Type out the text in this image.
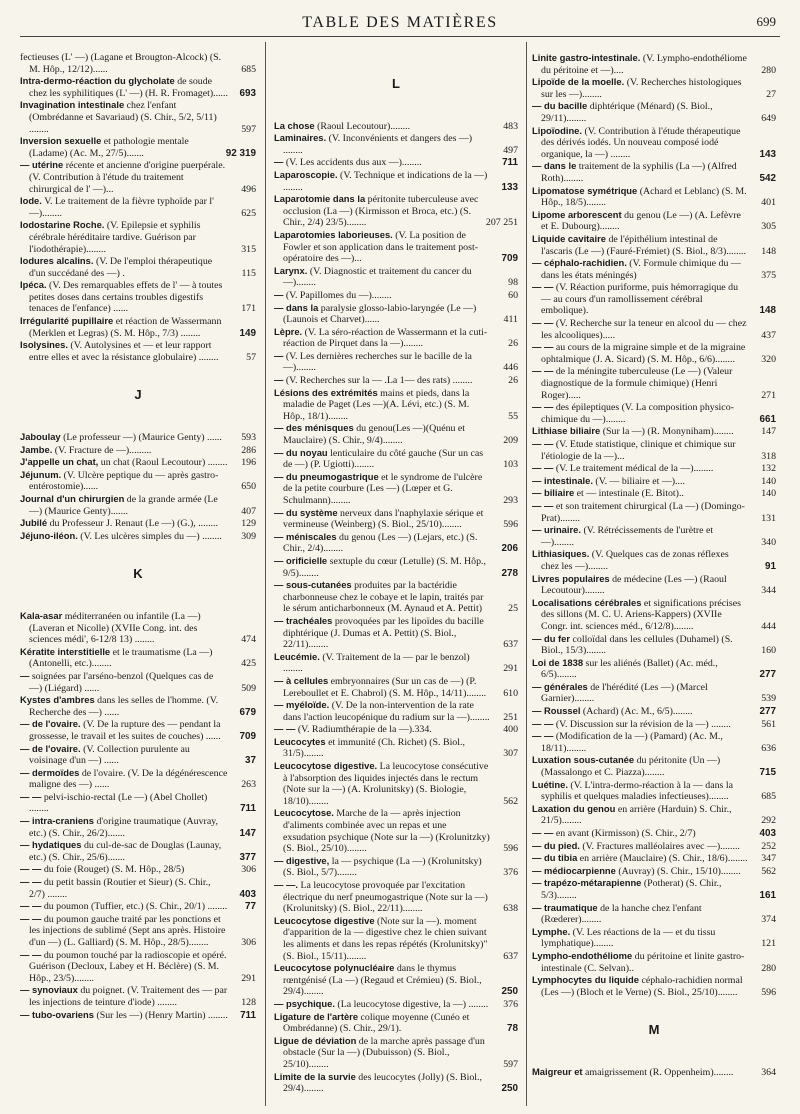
TABLE DES MATIÈRES	699
fectieuses (L' —) (Lagane et Brougton-Alcock) (S. M. Hôp., 12/12)......	685
Intra-dermo-réaction du glycholate de soude chez les syphilitiques (L' —) (H. R. Fromaget)...... 693
Invagination intestinale chez l'enfant (Ombrédanne et Savariaud) (S. Chir., 5/2, 5/11) ........	597
Inversion sexuelle et pathologie mentale (Ladame) (Ac. M., 27/5).......	92 319
— utérine récente et ancienne d'origine puerpérale. (V. Contribution à l'étude du traitement chirurgical de l' —)...	496
Iode. V. Le traitement de la fièvre typhoïde par l' —)........	625
Iodostarine Roche. (V. Epilepsie et syphilis cérébrale héréditaire tardive. Guérison par l'iodothérapie)........	315
Iodures alcalins. (V. De l'emploi thérapeutique d'un succédané des —) .	115
Ipéca. (V. Des remarquables effets de l' — à toutes petites doses dans certains troubles digestifs tenaces de l'enfance) ......	171
Irrégularité pupillaire et réaction de Wassermann (Merklen et Legras) (S. M. Hôp., 7/3) ........	149
Isolysines. (V. Autolysines et — et leur rapport entre elles et avec la résistance globulaire) ........	57
J
Jaboulay (Le professeur —) (Maurice Genty) ......	593
Jambe. (V. Fracture de —).........	286
J'appelle un chat, un chat (Raoul Lecoutour) ........ 196
Jéjunum. (V. Ulcère peptique du — après gastro-entérostomie)......	650
Journal d'un chirurgien de la grande armée (Le —) (Maurice Genty).......	407
Jubilé du Professeur J. Renaut (Le —) (G.), ........	129
Jéjuno-iléon. (V. Les ulcères simples du —) ........	309
K
Kala-asar méditerranéen ou infantile (La —) (Laveran et Nicolle) (XVIIe Cong. int. des sciences médi', 6-12/8 13) ........	474
Kératite interstitielle et le traumatisme (La —) (Antonelli, etc.)........	425
— soignées par l'arséno-benzol (Quelques cas de —) (Liégard) ......	509
Kystes d'ambres dans les selles de l'homme. (V. Recherche des —) ......	679
— de l'ovaire. (V. De la rupture des — pendant la grossesse, le travail et les suites de couches) ......	709
— de l'ovaire. (V. Collection purulente au voisinage d'un —) ......	37
— dermoïdes de l'ovaire. (V. De la dégénérescence maligne des —) ......	263
— — pelvi-ischio-rectal (Le —) (Abel Chollet) ........	711
— intra-craniens d'origine traumatique (Auvray, etc.) (S. Chir., 26/2).......	147
— hydatiques du cul-de-sac de Douglas (Launay, etc.) (S. Chir., 25/6).......	377
— — du foie (Rouget) (S. M. Hôp., 28/5)	306
— — du petit bassin (Routier et Sieur) (S. Chir., 2/7) ........	403
— — du poumon (Tuffier, etc.) (S. Chir., 20/1) ........ 77
— — du poumon gauche traité par les ponctions et les injections de sublimé (Sept ans après. Histoire d'un —) (L. Galliard) (S. M. Hôp., 28/5)........	306
— — du poumon touché par la radioscopie et opéré. Guérison (Decloux, Labey et H. Béclère) (S. M. Hôp., 23/5)........	291
— synoviaux du poignet. (V. Traitement des — par les injections de teinture d'iode) ........	128
— tubo-ovariens (Sur les —) (Henry Martin) ........ 711
L
La chose (Raoul Lecoutour)........	483
Laminaires. (V. Inconvénients et dangers des —) ........	497
— (V. Les accidents dus aux —)........	711
Laparoscopie. (V. Technique et indications de la —) ........	133
Laparotomie dans la péritonite tuberculeuse avec occlusion (La —) (Kirmisson et Broca, etc.) (S. Chir., 2/4) 23/5)........	207 251
Laparotomies laborieuses. (V. La position de Fowler et son application dans le traitement post-opératoire des —)...	709
Larynx. (V. Diagnostic et traitement du cancer du —)........	98
— (V. Papillomes du —)........	60
— dans la paralysie glosso-labio-laryngée (Le —) (Launois et Charvet)......	411
Lèpre. (V. La séro-réaction de Wassermann et la cuti-réaction de Pirquet dans la —)........	26
— (V. Les dernières recherches sur le bacille de la —)........	446
— (V. Recherches sur la — .La 1— des rats) ........	26
Lésions des extrémités mains et pieds, dans la maladie de Paget (Les —)(A. Lévi, etc.) (S. M. Hôp., 18/1)........	55
— des ménisques du genou(Les —)(Quénu et Mauclaire) (S. Chir., 9/4)........	209
— du noyau lenticulaire du côté gauche (Sur un cas de —) (P. Ugiotti)........	103
— du pneumogastrique et le syndrome de l'ulcère de la petite courbure (Les —) (Lœper et G. Schulmann)........	293
— du système nerveux dans l'naphylaxie sérique et vermineuse (Weinberg) (S. Biol., 25/10)........	596
— méniscales du genou (Les —) (Lejars, etc.) (S. Chir., 2/4)........	206
— orificielle sextuple du cœur (Letulle) (S. M. Hôp., 9/5)........	278
— sous-cutanées produites par la bactéridie charbonneuse chez le cobaye et le lapin, traités par le sérum anticharbonneux (M. Aynaud et A. Pettit)	25
— trachéales provoquées par les lipoïdes du bacille diphtérique (J. Dumas et A. Pettit) (S. Biol., 22/11)........	637
Leucémie. (V. Traitement de la — par le benzol) ........	291
— à cellules embryonnaires (Sur un cas de —) (P. Lereboullet et E. Chabrol) (S. M. Hôp., 14/11)........	610
— myéloïde. (V. De la non-intervention de la rate dans l'action leucopénique du radium sur la —)........ 251
— — (V. Radiumthérapie de la —).334.	400
Leucocytes et immunité (Ch. Richet) (S. Biol., 31/5)........	307
Leucocytose digestive. La leucocytose consécutive à l'absorption des liquides injectés dans le rectum (Note sur la —) (A. Krolunitsky) (S. Biologie, 18/10)........	562
Leucocytose. Marche de la — après injection d'aliments combinée avec un repas et une exsudation psychique (Note sur la —) (Krolunitzky) (S. Biol., 25/10)........	596
— digestive, la — psychique (La —) (Krolunitsky) (S. Biol., 5/7)........	376
— —. La leucocytose provoquée par l'excitation électrique du nerf pneumogastrique (Note sur la —) (Krolunitsky) (S. Biol., 22/11)........	638
Leucocytose digestive (Note sur la —). moment d'apparition de la — digestive chez le chien suivant les aliments et dans les repas répétés (Krolunitsky)"(S. Biol., 15/11)........	637
Leucocytose polynucléaire dans le thymus rœntgénisé (La —) (Regaud et Crémieu) (S. Biol., 29/4)........	250
— psychique. (La leucocytose digestive, la —) ........ 376
Ligature de l'artère colique moyenne (Cunéo et Ombrédanne) (S. Chir., 29/1).	78
Ligue de déviation de la marche après passage d'un obstacle (Sur la —) (Dubuisson) (S. Biol., 25/10)........	597
Limite de la survie des leucocytes (Jolly) (S. Biol., 29/4)........	250
Linite gastro-intestinale. (V. Lympho-endothéliome du péritoine et —)....	280
Lipoïde de la moelle. (V. Recherches histologiques sur les —)........	27
— du bacille diphtérique (Ménard) (S. Biol., 29/11)........	649
Lipoïodine. (V. Contribution à l'étude thérapeutique des dérivés iodés. Un nouveau composé iodé organique, la —) ........	143
— dans le traitement de la syphilis (La —) (Alfred Roth)........	542
Lipomatose symétrique (Achard et Leblanc) (S. M. Hôp., 18/5)........	401
Lipome arborescent du genou (Le —) (A. Lefèvre et E. Dubourg)........	305
Liquide cavitaire de l'épithélium intestinal de l'ascaris (Le —) (Fauré-Frémiet) (S. Biol., 8/3)........ 148
— céphalo-rachidien. (V. Formule chimique du — dans les états méningés)	375
— — (V. Réaction puriforme, puis hémorragique du — au cours d'un ramollissement cérébral embolique).	148
— — (V. Recherche sur la teneur en alcool du — chez les alcooliques).....	437
— — au cours de la migraine simple et de la migraine ophtalmique (J. A. Sicard) (S. M. Hôp., 6/6)........	320
— — de la méningite tuberculeuse (Le —) (Valeur diagnostique de la formule chimique) (Henri Roger).....	271
— — des épileptiques (V. La composition physico-chimique du —)........	661
Lithiase biliaire (Sur la —) (R. Monyniham)........	147
— — (V. Etude statistique, clinique et chimique sur l'étiologie de la —)...	318
— — (V. Le traitement médical de la —)........	132
— intestinale. (V. — biliaire et —)....	140
— biliaire et — intestinale (E. Bitot)..	140
— — et son traitement chirurgical (La —) (Domingo-Prat)........	131
— urinaire. (V. Rétrécissements de l'urètre et —)........	340
Lithiasiques. (V. Quelques cas de zonas réflexes chez les —)........	91
Livres populaires de médecine (Les —) (Raoul Lecoutour)........	344
Localisations cérébrales et significations précises des sillons (M. C. U. Ariens-Kappers) (XVIIe Congr. int. sciences méd., 6/12/8)........	444
— du fer colloïdal dans les cellules (Duhamel) (S. Biol., 15/3)........	160
Loi de 1838 sur les aliénés (Ballet) (Ac. méd., 6/5)........	277
— générales de l'hérédité (Les —) (Marcel Garnier)........	539
— Roussel (Achard) (Ac. M., 6/5)........	277
— — (V. Discussion sur la révision de la —) ........	561
— — (Modification de la —) (Pamard) (Ac. M., 18/11)........	636
Luxation sous-cutanée du péritonite (Un —) (Massalongo et C. Piazza)........	715
Luétine. (V. L'intra-dermo-réaction à la — dans la syphilis et quelques maladies infectieuses)........	685
Laxation du genou en arrière (Harduin) S. Chir., 21/5)........	292
— — en avant (Kirmisson) (S. Chir., 2/7)	403
— du pied. (V. Fractures malléolaires avec —)........	252
— du tibia en arrière (Mauclaire) (S. Chir., 18/6)........ 347
— médiocarpienne (Auvray) (S. Chir., 15/10)........	562
— trapézo-métarapienne (Potherat) (S. Chir., 5/3)........	161
— traumatique de la hanche chez l'enfant (Rœderer)........	374
Lymphe. (V. Les réactions de la — et du tissu lymphatique)........	121
Lympho-endothéliome du péritoine et linite gastro-intestinale (C. Selvan)..	280
Lymphocytes du liquide céphalo-rachidien normal (Les —) (Bloch et le Verne) (S. Biol., 25/10)........	596
M
Maigreur et amaigrissement (R. Oppenheim)........	364
